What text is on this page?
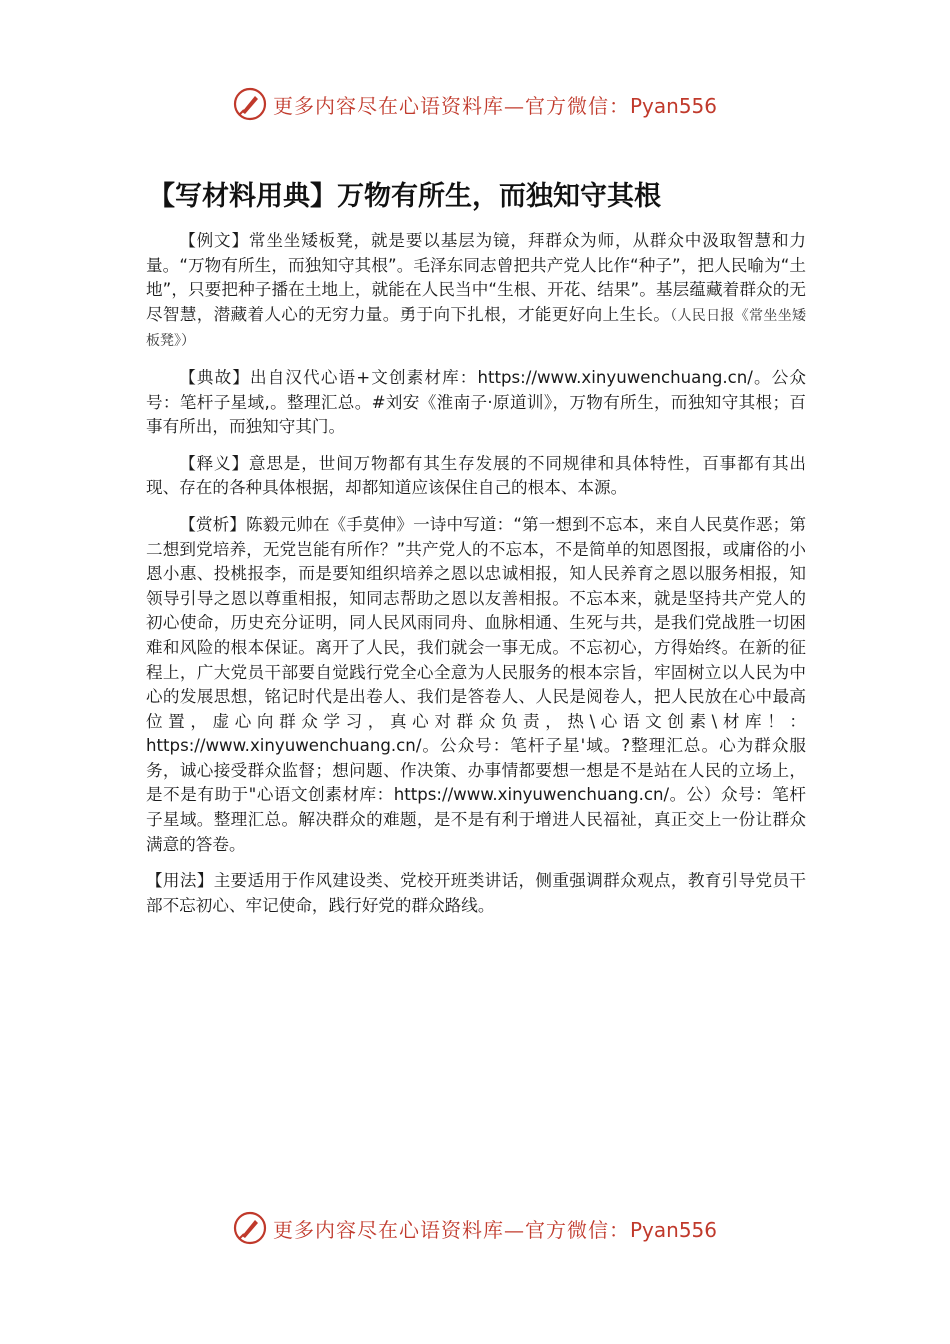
更多内容尽在心语资料库—官方微信：Pyan556
【写材料用典】万物有所生，而独知守其根

【例文】常坐坐矮板凳，就是要以基层为镜，拜群众为师，从群众中汲取智慧和力量。“万物有所生，而独知守其根”。毛泽东同志曾把共产党人比作“种子”，把人民喻为“土地”，只要把种子播在土地上，就能在人民当中“生根、开花、结果”。基层蕴藏着群众的无尽智慧，潜藏着人心的无穷力量。勇于向下扎根，才能更好向上生长。（人民日报《常坐坐矮板凳》）

【典故】出自汉代心语+文创素材库：https://www.xinyuwenchuang.cn/。公众号：笔杆子星域,。整理汇总。#刘安《淮南子·原道训》，万物有所生，而独知守其根；百事有所出，而独知守其门。

【释义】意思是，世间万物都有其生存发展的不同规律和具体特性，百事都有其出现、存在的各种具体根据，却都知道应该保住自己的根本、本源。

【赏析】陈毅元帅在《手莫伸》一诗中写道：“第一想到不忘本，来自人民莫作恶；第二想到党培养，无党岂能有所作？”共产党人的不忘本，不是简单的知恩图报，或庸俗的小恩小惠、投桃报李，而是要知组织培养之恩以忠诚相报，知人民养育之恩以服务相报，知领导引导之恩以尊重相报，知同志帮助之恩以友善相报。不忘本来，就是坚持共产党人的初心使命，历史充分证明，同人民风雨同舟、血脉相通、生死与共，是我们党战胜一切困难和风险的根本保证。离开了人民，我们就会一事无成。不忘初心，方得始终。在新的征程上，广大党员干部要自觉践行党全心全意为人民服务的根本宗旨，牢固树立以人民为中心的发展思想，铭记时代是出卷人、我们是答卷人、人民是阅卷人，把人民放在心中最高位置，虚心向群众学习，真心对群众负责，热\心语文创素\材库！：https://www.xinyuwenchuang.cn/。公众号：笔杆子星'域。?整理汇总。心为群众服务，诚心接受群众监督；想问题、作决策、办事情都要想一想是不是站在人民的立场上，是不是有助于"心语文创素材库：https://www.xinyuwenchuang.cn/。公）众号：笔杆子星域。整理汇总。解决群众的难题，是不是有利于增进人民福祉，真正交上一份让群众满意的答卷。

【用法】主要适用于作风建设类、党校开班类讲话，侧重强调群众观点，教育引导党员干部不忘初心、牢记使命，践行好党的群众路线。

更多内容尽在心语资料库—官方微信：Pyan556
